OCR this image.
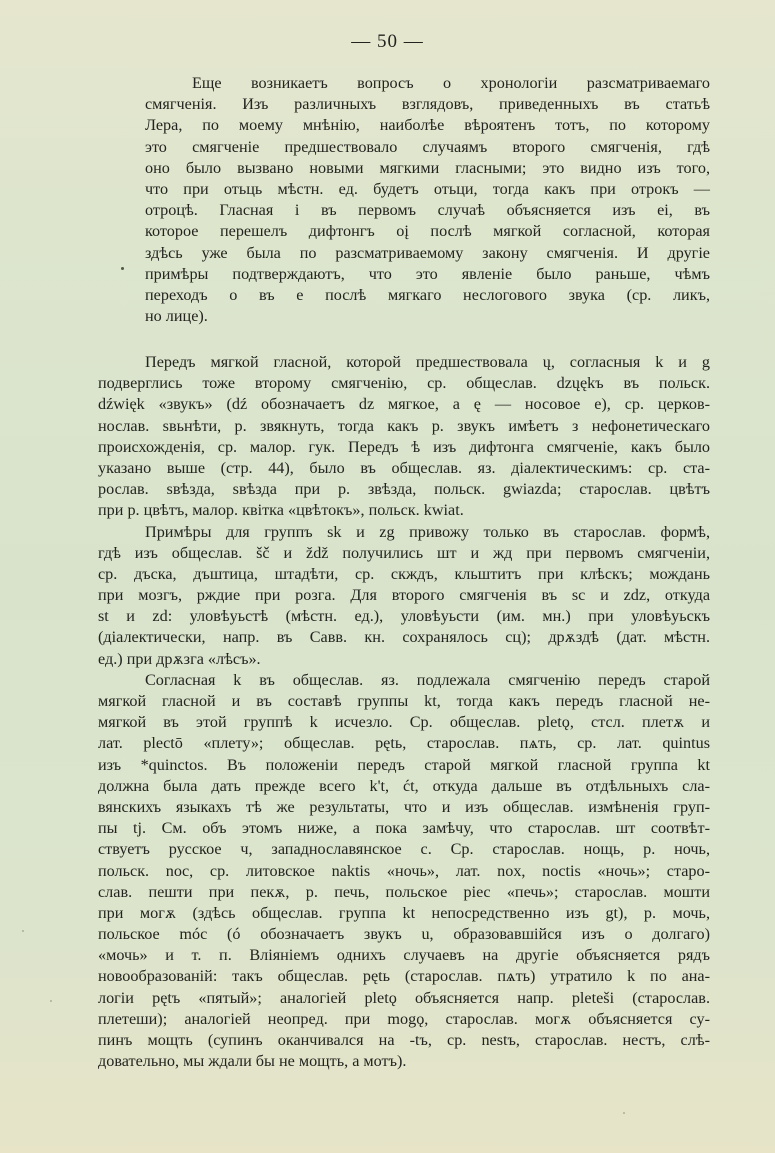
— 50 —
Еще возникаетъ вопросъ о хронологіи разсматриваемаго
смягченія. Изъ различныхъ взглядовъ, приведенныхъ въ статьѣ
Лера, по моему мнѣнію, наиболѣе вѣроятенъ тотъ, по которому
это смягченіе предшествовало случаямъ второго смягченія, гдѣ
оно было вызвано новыми мягкими гласными; это видно изъ того,
что при отьць мѣстн. ед. будетъ отьци, тогда какъ при отрокъ —
отроцѣ. Гласная і въ первомъ случаѣ объясняется изъ ei, въ
которое перешелъ дифтонгъ oį послѣ мягкой согласной, которая
здѣсь уже была по разсматриваемому закону смягченія. И другіе
примѣры подтверждаютъ, что это явленіе было раньше, чѣмъ
переходъ о въ е послѣ мягкаго неслогового звука (ср. ликъ,
но лице).
Передъ мягкой гласной, которой предшествовала ų, согласныя k и g
подверглись тоже второму смягченію, ср. общеслав. dzųękъ въ польск.
dźwięk «звукъ» (dź обозначаетъ dz мягкое, а ę — носовое е), ср. церков-
нослав. ѕвьнѣти, р. звякнуть, тогда какъ р. звукъ имѣетъ з нефонетическаго
происхожденія, ср. малор. гук. Передъ ѣ изъ дифтонга смягченіе, какъ было
указано выше (стр. 44), было въ общеслав. яз. діалектическимъ: ср. ста-
рослав. ѕвѣзда, ѕвѣзда при р. звѣзда, польск. gwiazda; старослав. цвѣтъ
при р. цвѣтъ, малор. квітка «цвѣтокъ», польск. kwiat.
Примѣры для группъ sk и zg привожу только въ старослав. формѣ,
гдѣ изъ общеслав. šč и ždž получились шт и жд при первомъ смягченіи,
ср. дъска, дъштица, штадѣти, ср. скждъ, кльштитъ при клѣскъ; мождань
при мозгъ, рждие при розга. Для второго смягченія въ sc и zdz, откуда
st и zd: уловѣуьстѣ (мѣстн. ед.), уловѣуьсти (им. мн.) при уловѣуьскъ
(діалектически, напр. въ Савв. кн. сохранялось сц); дрѫздѣ (дат. мѣстн.
ед.) при дрѫзга «лѣсъ».
Согласная k въ общеслав. яз. подлежала смягченію передъ старой
мягкой гласной и въ составѣ группы kt, тогда какъ передъ гласной не-
мягкой въ этой группѣ k исчезло. Ср. общеслав. pletǫ, стсл. плетѫ и
лат. plectō «плету»; общеслав. pętь, старослав. пѧть, ср. лат. quintus
изъ *quinctos. Въ положеніи передъ старой мягкой гласной группа kt
должна была дать прежде всего k't, ćt, откуда дальше въ отдѣльныхъ сла-
вянскихъ языкахъ тѣ же результаты, что и изъ общеслав. измѣненія груп-
пы tj. См. объ этомъ ниже, а пока замѣчу, что старослав. шт соотвѣт-
ствуетъ русское ч, западнославянское c. Ср. старослав. нощь, р. ночь,
польск. noc, ср. литовское naktis «ночь», лат. nox, noctis «ночь»; старо-
слав. пешти при пекѫ, р. печь, польское piec «печь»; старослав. мошти
при могѫ (здѣсь общеслав. группа kt непосредственно изъ gt), р. мочь,
польское móc (ó обозначаетъ звукъ u, образовавшійся изъ о долгаго)
«мочь» и т. п. Вліяніемъ однихъ случаевъ на другіе объясняется рядъ
новообразованій: такъ общеслав. pętь (старослав. пѧть) утратило k по ана-
логіи pętъ «пятый»; аналогіей pletǫ объясняется напр. pletešі (старослав.
плетеши); аналогіей неопред. при mogǫ, старослав. могѫ объясняется су-
пинъ мощть (супинъ оканчивался на -tъ, ср. nestъ, старослав. нестъ, слѣ-
довательно, мы ждали бы не мощть, а мотъ).
